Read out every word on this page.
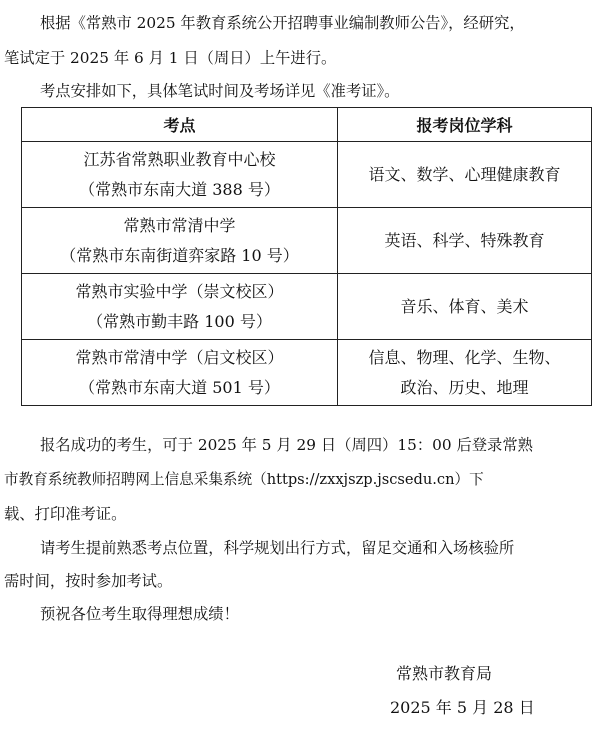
根据《常熟市 2025 年教育系统公开招聘事业编制教师公告》，经研究，
笔试定于 2025 年 6 月 1 日（周日）上午进行。
考点安排如下，具体笔试时间及考场详见《准考证》。
考点	报考岗位学科

江苏省常熟职业教育中心校
（常熟市东南大道 388 号）	语文、数学、心理健康教育

常熟市常清中学
（常熟市东南街道弈家路 10 号）	英语、科学、特殊教育

常熟市实验中学（崇文校区）
（常熟市勤丰路 100 号）	音乐、体育、美术

常熟市常清中学（启文校区）
（常熟市东南大道 501 号）	信息、物理、化学、生物、
政治、历史、地理
报名成功的考生，可于 2025 年 5 月 29 日（周四）15：00 后登录常熟
市教育系统教师招聘网上信息采集系统（https://zxxjszp.jscsedu.cn）下
载、打印准考证。
请考生提前熟悉考点位置，科学规划出行方式，留足交通和入场核验所
需时间，按时参加考试。
预祝各位考生取得理想成绩！
常熟市教育局
2025 年 5 月 28 日
